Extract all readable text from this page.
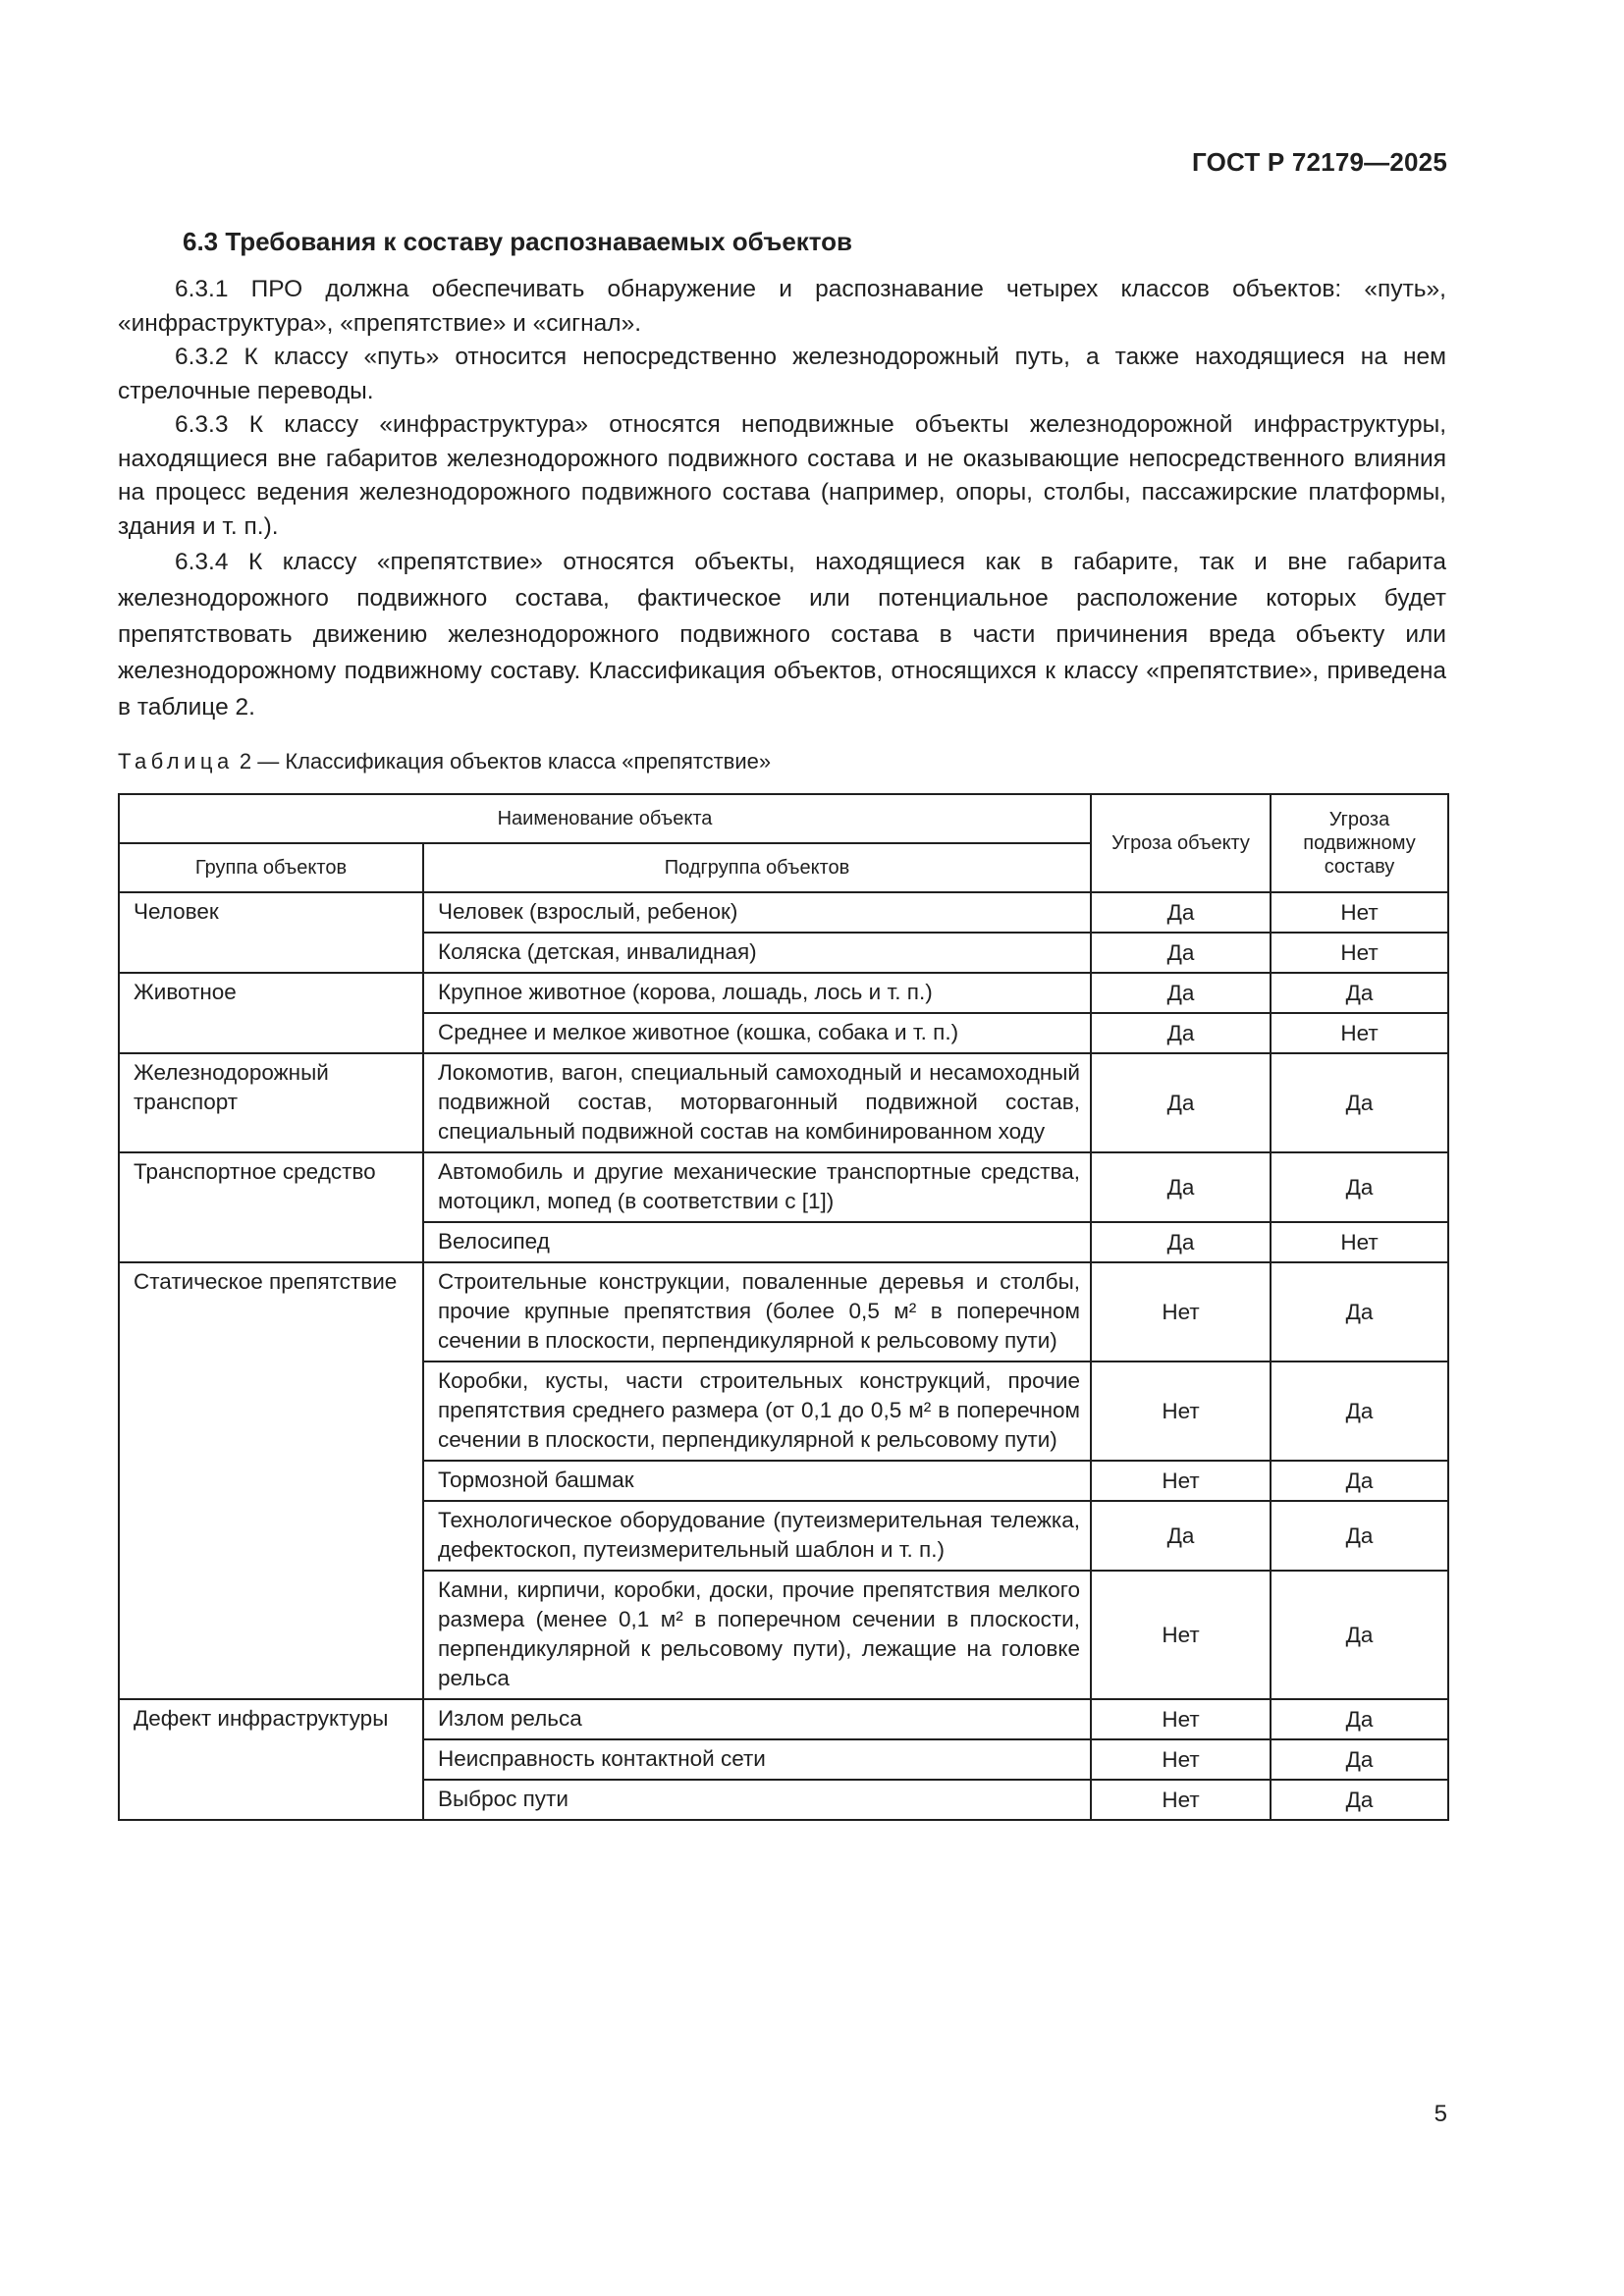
ГОСТ Р 72179—2025
6.3 Требования к составу распознаваемых объектов

6.3.1 ПРО должна обеспечивать обнаружение и распознавание четырех классов объектов: «путь», «инфраструктура», «препятствие» и «сигнал».

6.3.2 К классу «путь» относится непосредственно железнодорожный путь, а также находящиеся на нем стрелочные переводы.

6.3.3 К классу «инфраструктура» относятся неподвижные объекты железнодорожной инфраструктуры, находящиеся вне габаритов железнодорожного подвижного состава и не оказывающие непосредственного влияния на процесс ведения железнодорожного подвижного состава (например, опоры, столбы, пассажирские платформы, здания и т. п.).

6.3.4 К классу «препятствие» относятся объекты, находящиеся как в габарите, так и вне габарита железнодорожного подвижного состава, фактическое или потенциальное расположение которых будет препятствовать движению железнодорожного подвижного состава в части причинения вреда объекту или железнодорожному подвижному составу. Классификация объектов, относящихся к классу «препятствие», приведена в таблице 2.

Таблица 2 — Классификация объектов класса «препятствие»
Наименование объекта		Угроза объекту	Угроза подвижному составу
Группа объектов	Подгруппа объектов		
Человек	Человек (взрослый, ребенок)	Да	Нет
	Коляска (детская, инвалидная)	Да	Нет
Животное	Крупное животное (корова, лошадь, лось и т. п.)	Да	Да
	Среднее и мелкое животное (кошка, собака и т. п.)	Да	Нет
Железнодорожный транспорт	Локомотив, вагон, специальный самоходный и несамоходный подвижной состав, моторвагонный подвижной состав, специальный подвижной состав на комбинированном ходу	Да	Да
Транспортное средство	Автомобиль и другие механические транспортные средства, мотоцикл, мопед (в соответствии с [1])	Да	Да
	Велосипед	Да	Нет
Статическое препятствие	Строительные конструкции, поваленные деревья и столбы, прочие крупные препятствия (более 0,5 м² в поперечном сечении в плоскости, перпендикулярной к рельсовому пути)	Нет	Да
	Коробки, кусты, части строительных конструкций, прочие препятствия среднего размера (от 0,1 до 0,5 м² в поперечном сечении в плоскости, перпендикулярной к рельсовому пути)	Нет	Да
	Тормозной башмак	Нет	Да
	Технологическое оборудование (путеизмерительная тележка, дефектоскоп, путеизмерительный шаблон и т. п.)	Да	Да
	Камни, кирпичи, коробки, доски, прочие препятствия мелкого размера (менее 0,1 м² в поперечном сечении в плоскости, перпендикулярной к рельсовому пути), лежащие на головке рельса	Нет	Да
Дефект инфраструктуры	Излом рельса	Нет	Да
	Неисправность контактной сети	Нет	Да
	Выброс пути	Нет	Да
5
